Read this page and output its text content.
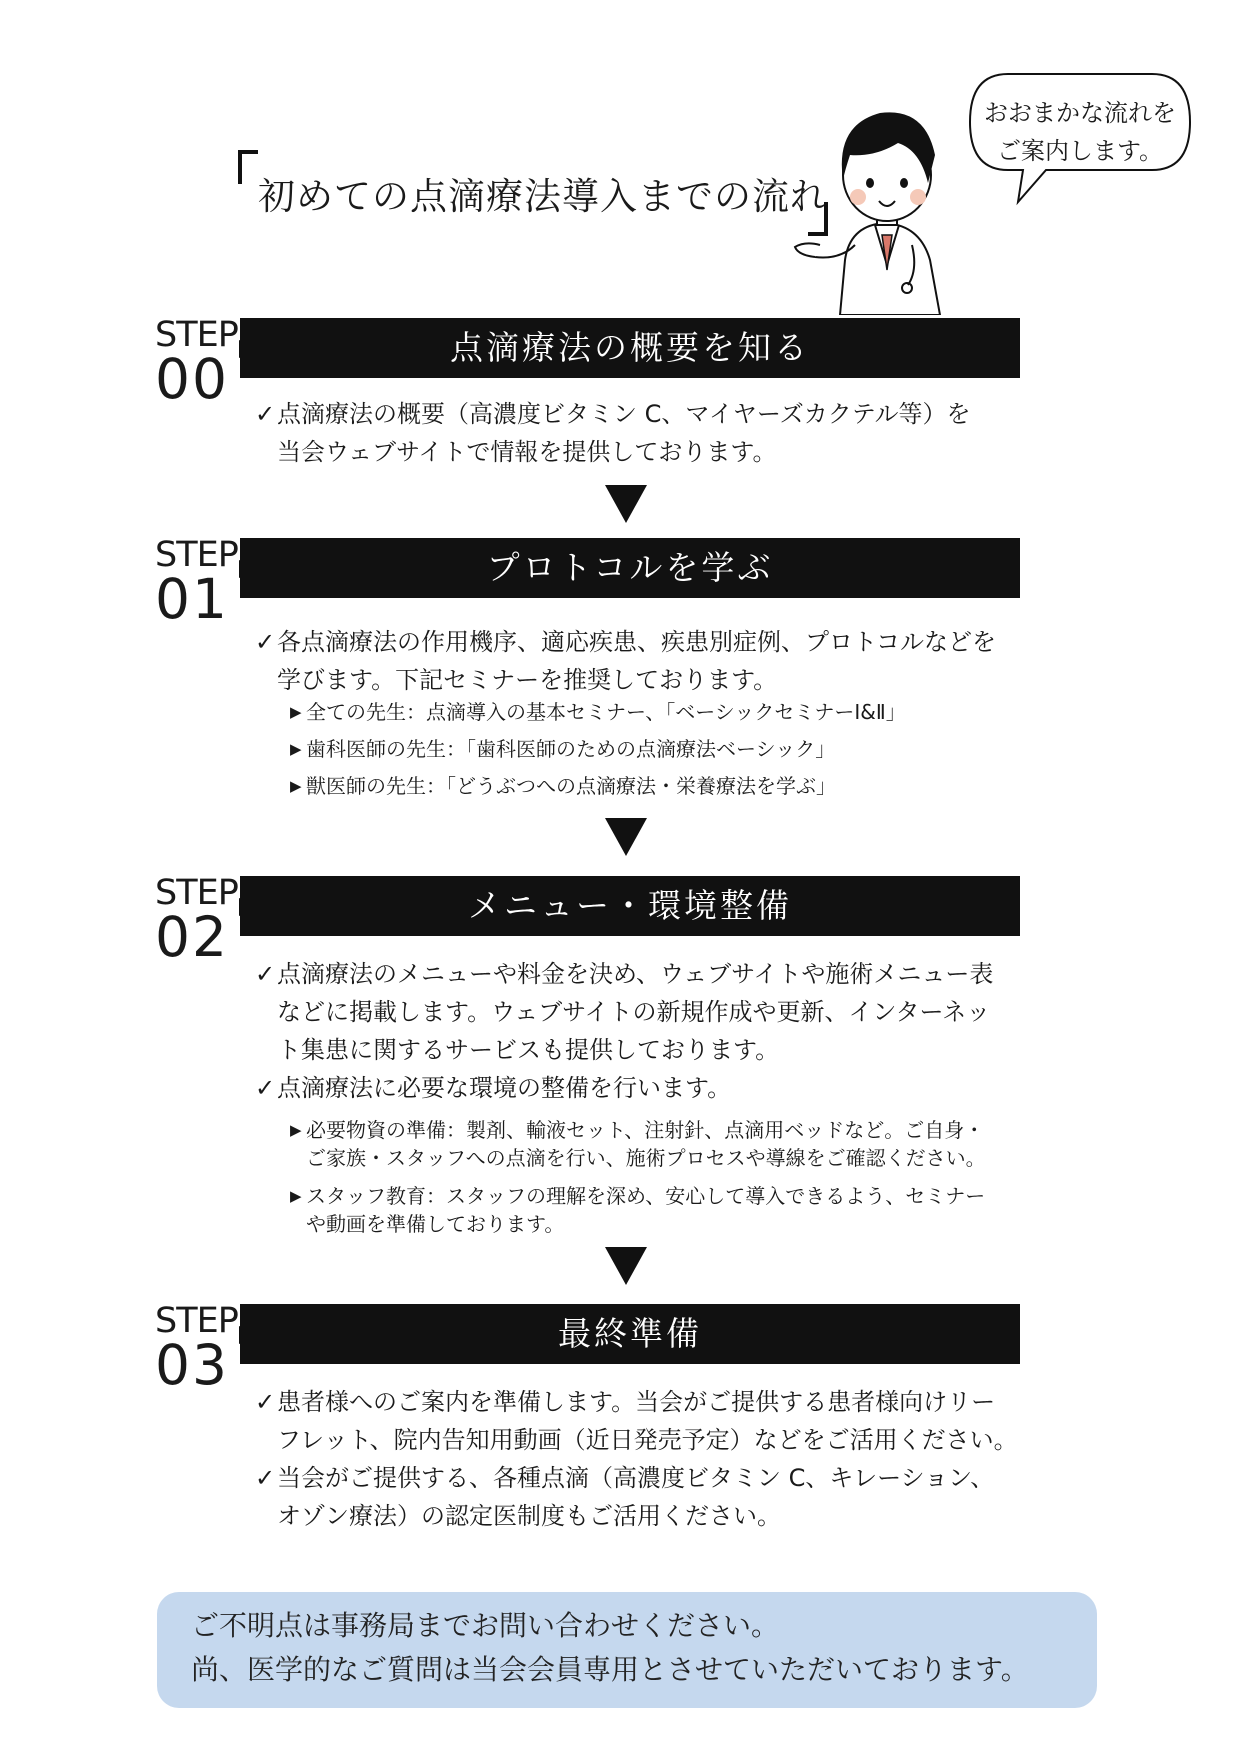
初めての点滴療法導入までの流れ
おおまかな流れを
ご案内します。
STEP
00	点滴療法の概要を知る
✓ 点滴療法の概要（高濃度ビタミン C、マイヤーズカクテル等）を
当会ウェブサイトで情報を提供しております。
STEP
01	プロトコルを学ぶ
✓ 各点滴療法の作用機序、適応疾患、疾患別症例、プロトコルなどを
学びます。下記セミナーを推奨しております。
▶ 全ての先生：点滴導入の基本セミナー、「ベーシックセミナーⅠ&Ⅱ」
▶ 歯科医師の先生：「歯科医師のための点滴療法ベーシック」
▶ 獣医師の先生：「どうぶつへの点滴療法・栄養療法を学ぶ」
STEP
02	メニュー・環境整備
✓ 点滴療法のメニューや料金を決め、ウェブサイトや施術メニュー表
などに掲載します。ウェブサイトの新規作成や更新、インターネッ
ト集患に関するサービスも提供しております。
✓ 点滴療法に必要な環境の整備を行います。
▶ 必要物資の準備：製剤、輸液セット、注射針、点滴用ベッドなど。ご自身・
ご家族・スタッフへの点滴を行い、施術プロセスや導線をご確認ください。
▶ スタッフ教育：スタッフの理解を深め、安心して導入できるよう、セミナー
や動画を準備しております。
STEP
03	最終準備
✓ 患者様へのご案内を準備します。当会がご提供する患者様向けリー
フレット、院内告知用動画（近日発売予定）などをご活用ください。
✓ 当会がご提供する、各種点滴（高濃度ビタミン C、キレーション、
オゾン療法）の認定医制度もご活用ください。
ご不明点は事務局までお問い合わせください。
尚、医学的なご質問は当会会員専用とさせていただいております。
